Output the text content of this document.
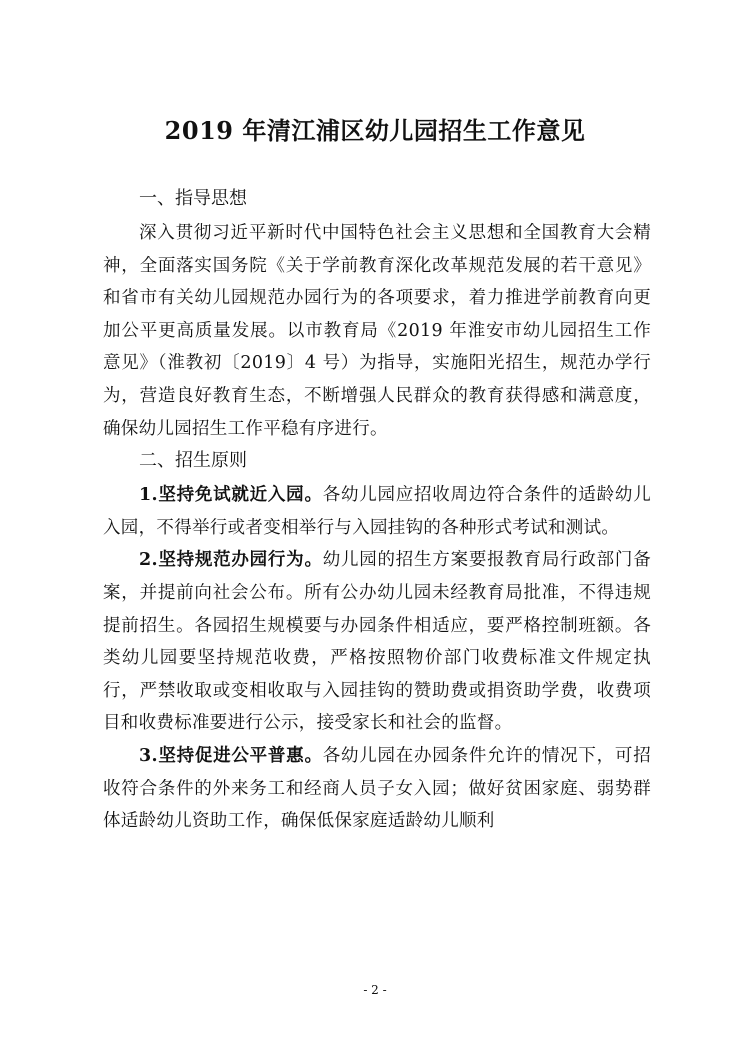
2019 年清江浦区幼儿园招生工作意见
一、指导思想

深入贯彻习近平新时代中国特色社会主义思想和全国教育大会精神，全面落实国务院《关于学前教育深化改革规范发展的若干意见》和省市有关幼儿园规范办园行为的各项要求，着力推进学前教育向更加公平更高质量发展。以市教育局《2019 年淮安市幼儿园招生工作意见》（淮教初〔2019〕4 号）为指导，实施阳光招生，规范办学行为，营造良好教育生态，不断增强人民群众的教育获得感和满意度，确保幼儿园招生工作平稳有序进行。

二、招生原则

1.坚持免试就近入园。各幼儿园应招收周边符合条件的适龄幼儿入园，不得举行或者变相举行与入园挂钩的各种形式考试和测试。

2.坚持规范办园行为。幼儿园的招生方案要报教育局行政部门备案，并提前向社会公布。所有公办幼儿园未经教育局批准，不得违规提前招生。各园招生规模要与办园条件相适应，要严格控制班额。各类幼儿园要坚持规范收费，严格按照物价部门收费标准文件规定执行，严禁收取或变相收取与入园挂钩的赞助费或捐资助学费，收费项目和收费标准要进行公示，接受家长和社会的监督。

3.坚持促进公平普惠。各幼儿园在办园条件允许的情况下，可招收符合条件的外来务工和经商人员子女入园；做好贫困家庭、弱势群体适龄幼儿资助工作，确保低保家庭适龄幼儿顺利

- 2 -
